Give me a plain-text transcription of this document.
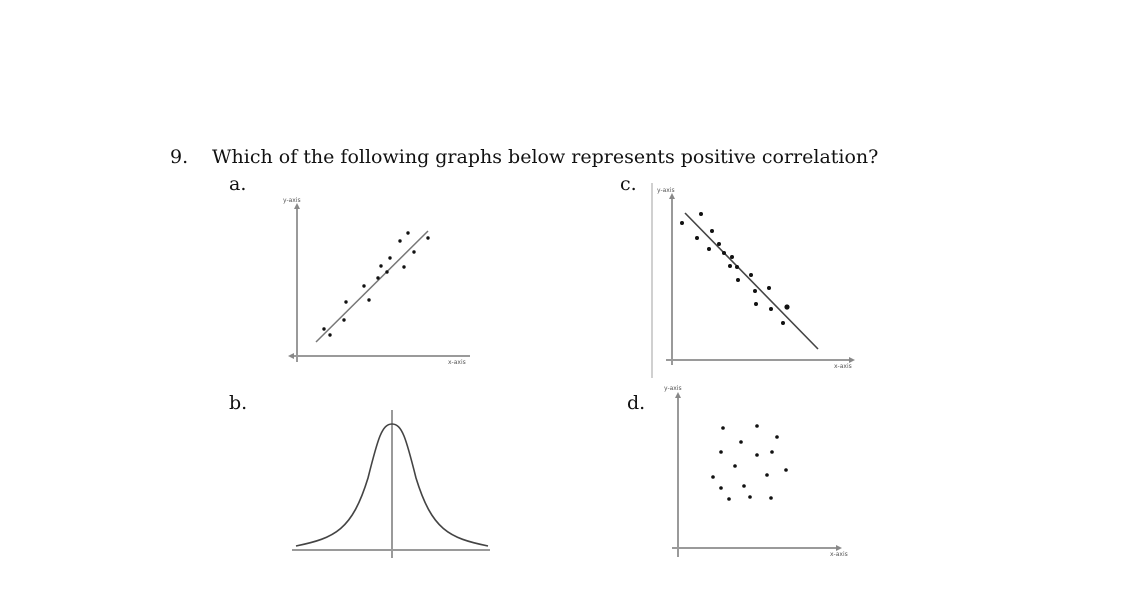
9. Which of the following graphs below represents positive correlation?
a.	c.
b.	d.
y-axis
x-axis
y-axis
x-axis
y-axis
x-axis
